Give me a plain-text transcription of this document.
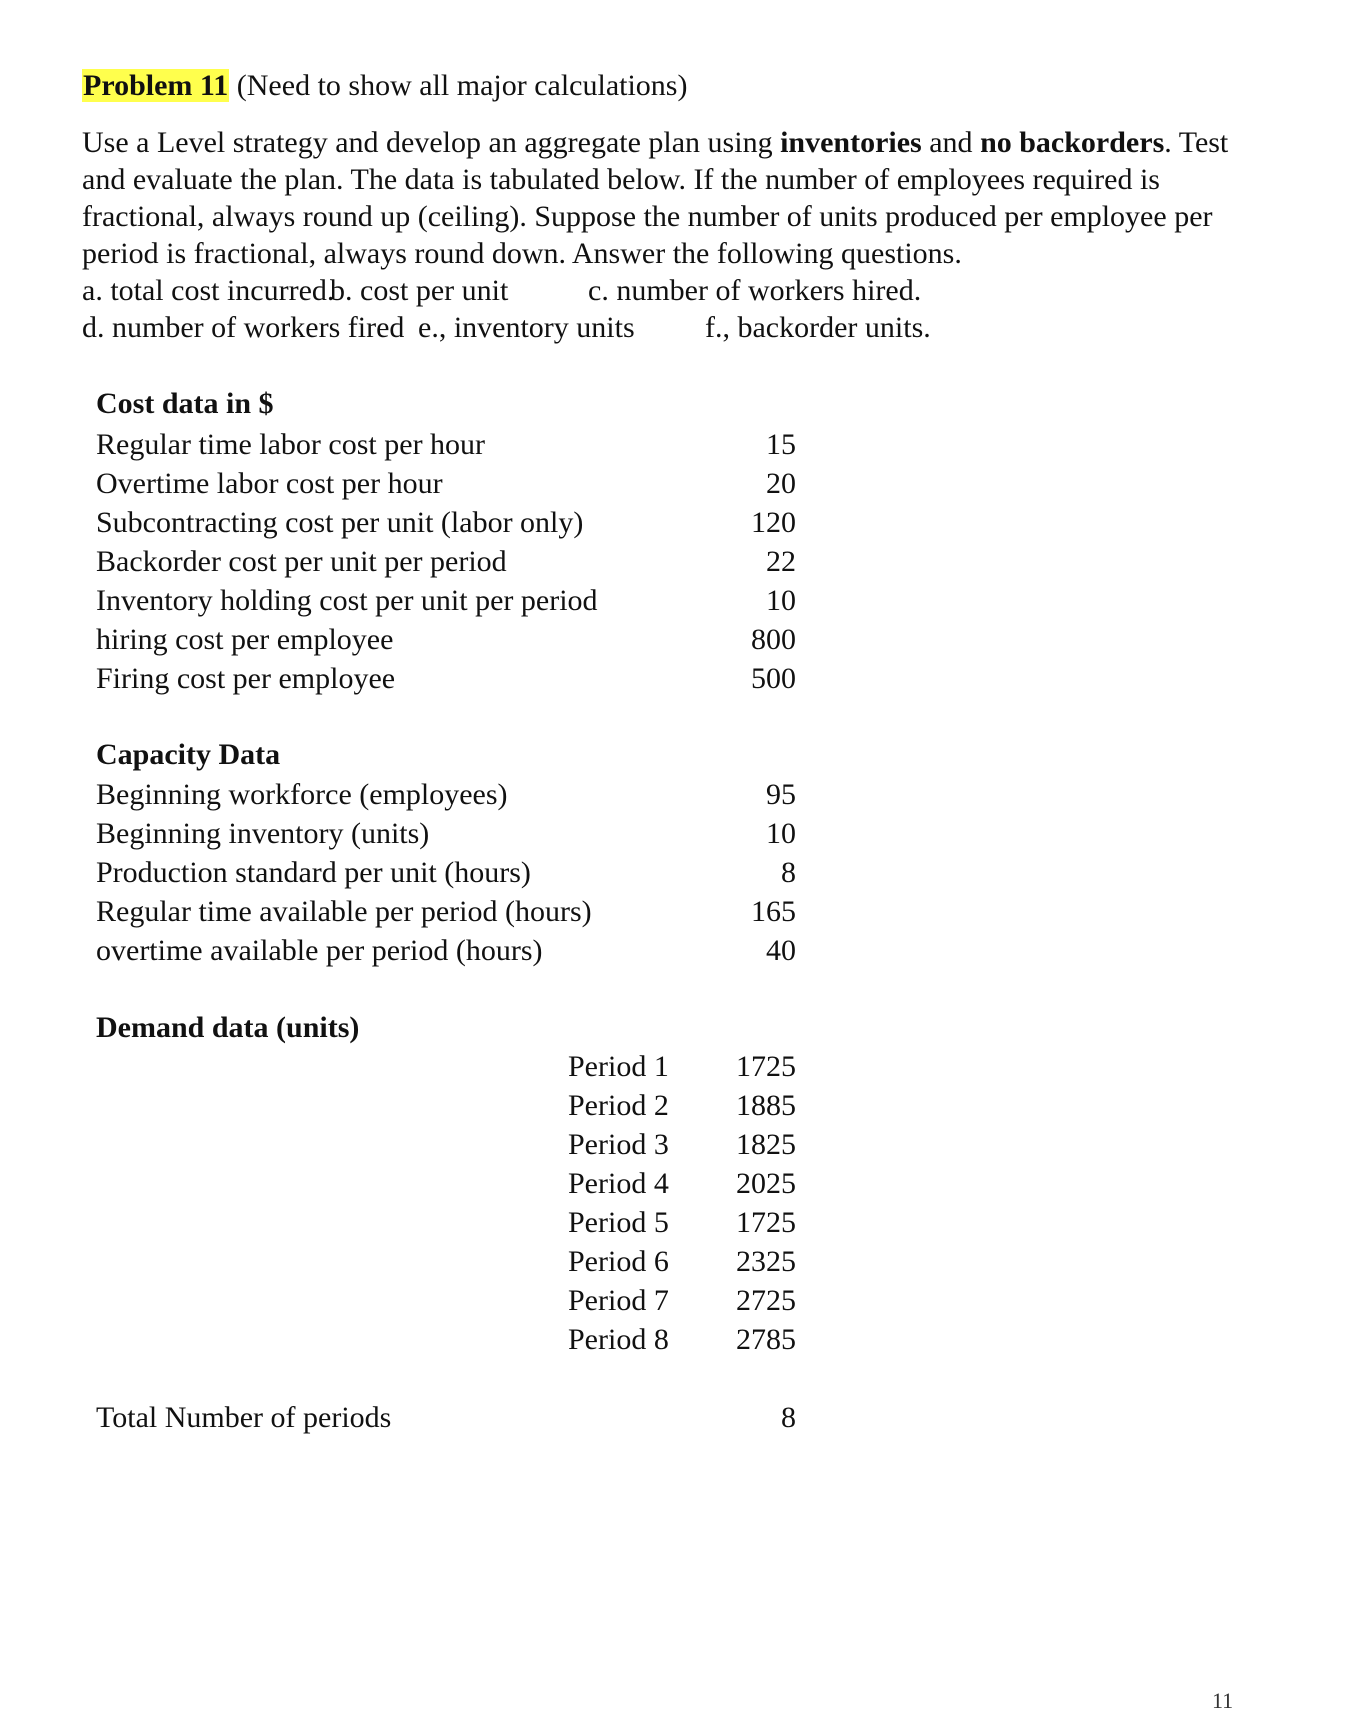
Problem 11 (Need to show all major calculations)

Use a Level strategy and develop an aggregate plan using inventories and no backorders. Test and evaluate the plan. The data is tabulated below. If the number of employees required is fractional, always round up (ceiling). Suppose the number of units produced per employee per period is fractional, always round down. Answer the following questions.

a. total cost incurred.
b. cost per unit	c. number of workers hired.
d. number of workers fired e., inventory units f., backorder units.
Cost data in $
Regular time labor cost per hour	15
Overtime labor cost per hour	20
Subcontracting cost per unit (labor only)	120
Backorder cost per unit per period	22
Inventory holding cost per unit per period	10
hiring cost per employee	800
Firing cost per employee	500
Capacity Data
Beginning workforce (employees)	95
Beginning inventory (units)	10
Production standard per unit (hours)	8
Regular time available per period (hours)	165
overtime available per period (hours)	40
Demand data (units)
Period 1 1725
Period 2 1885
Period 3 1825
Period 4 2025
Period 5 1725
Period 6 2325
Period 7 2725
Period 8 2785
Total Number of periods	8
11
